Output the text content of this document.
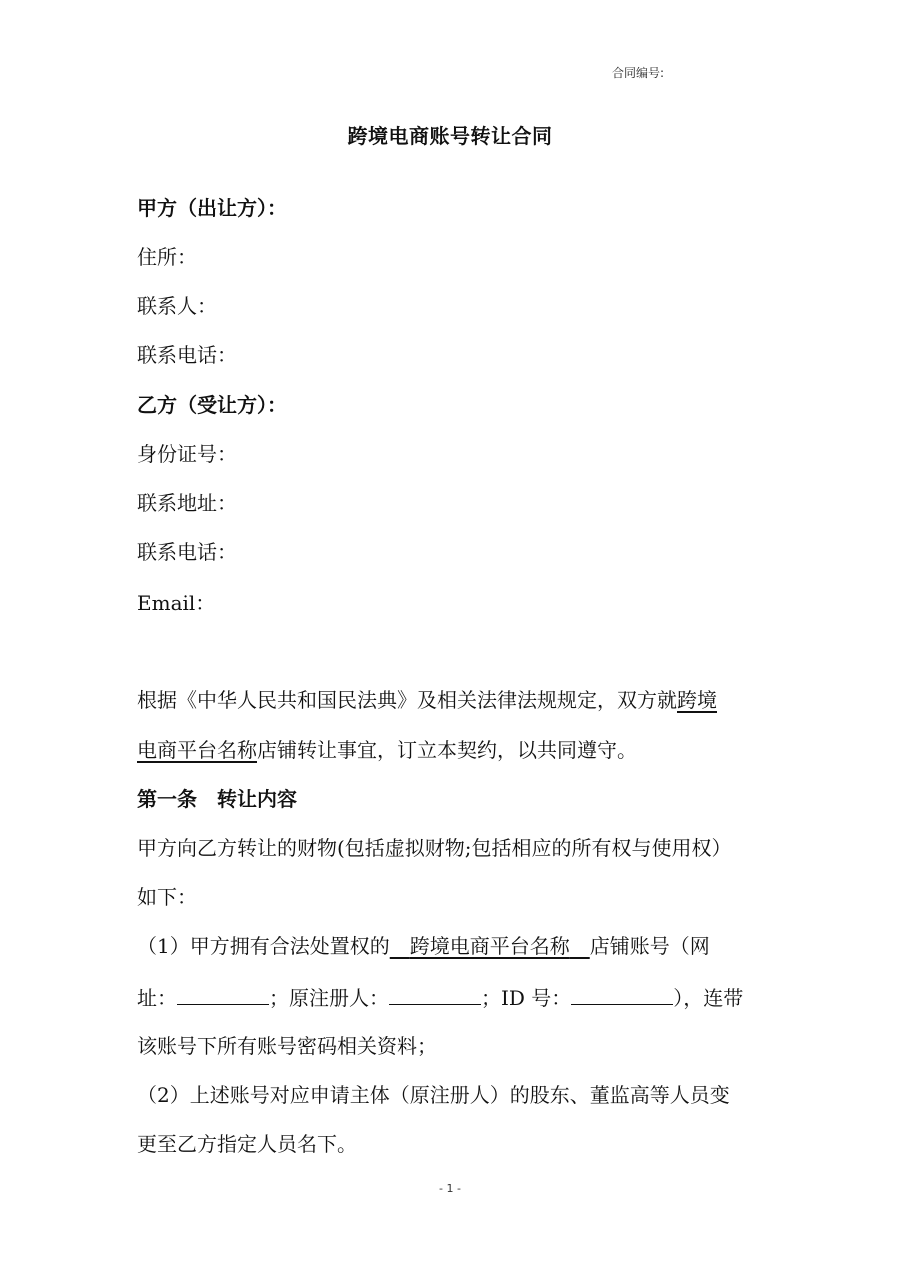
合同编号:
跨境电商账号转让合同
甲方（出让方）：
住所：
联系人：
联系电话：
乙方（受让方）：
身份证号：
联系地址：
联系电话：
Email：
根据《中华人民共和国民法典》及相关法律法规规定，双方就跨境
电商平台名称店铺转让事宜，订立本契约，以共同遵守。
第一条　转让内容
甲方向乙方转让的财物(包括虚拟财物;包括相应的所有权与使用权）
如下：
（1）甲方拥有合法处置权的　 跨境电商平台名称　 店铺账号（网
址：	；原注册人：	；ID 号：	），连带
该账号下所有账号密码相关资料；
（2）上述账号对应申请主体（原注册人）的股东、董监高等人员变
更至乙方指定人员名下。
- 1 -
